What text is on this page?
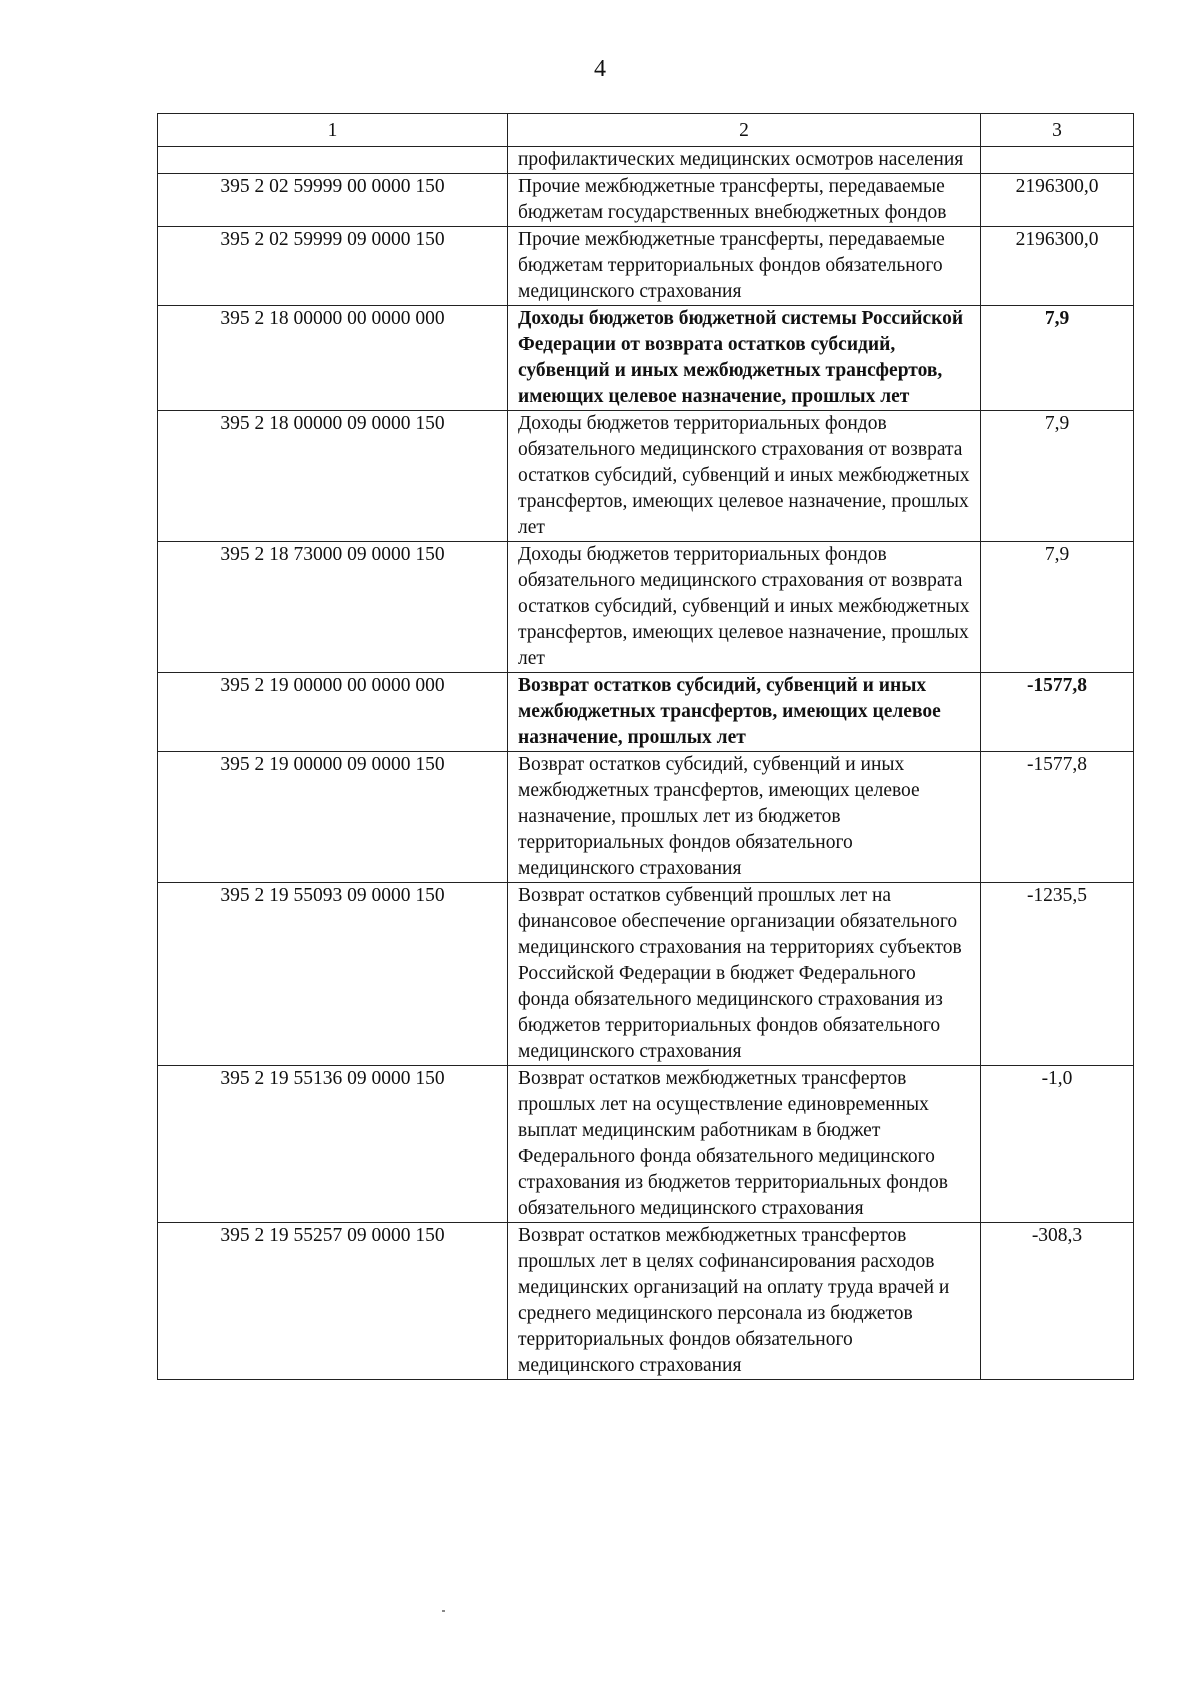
4
1	2	3
	профилактических медицинских осмотров населения	
395 2 02 59999 00 0000 150	Прочие межбюджетные трансферты, передаваемые бюджетам государственных внебюджетных фондов	2196300,0
395 2 02 59999 09 0000 150	Прочие межбюджетные трансферты, передаваемые бюджетам территориальных фондов обязательного медицинского страхования	2196300,0
395 2 18 00000 00 0000 000	Доходы бюджетов бюджетной системы Российской Федерации от возврата остатков субсидий, субвенций и иных межбюджетных трансфертов, имеющих целевое назначение, прошлых лет	7,9
395 2 18 00000 09 0000 150	Доходы бюджетов территориальных фондов обязательного медицинского страхования от возврата остатков субсидий, субвенций и иных межбюджетных трансфертов, имеющих целевое назначение, прошлых лет	7,9
395 2 18 73000 09 0000 150	Доходы бюджетов территориальных фондов обязательного медицинского страхования от возврата остатков субсидий, субвенций и иных межбюджетных трансфертов, имеющих целевое назначение, прошлых лет	7,9
395 2 19 00000 00 0000 000	Возврат остатков субсидий, субвенций и иных межбюджетных трансфертов, имеющих целевое назначение, прошлых лет	-1577,8
395 2 19 00000 09 0000 150	Возврат остатков субсидий, субвенций и иных межбюджетных трансфертов, имеющих целевое назначение, прошлых лет из бюджетов территориальных фондов обязательного медицинского страхования	-1577,8
395 2 19 55093 09 0000 150	Возврат остатков субвенций прошлых лет на финансовое обеспечение организации обязательного медицинского страхования на территориях субъектов Российской Федерации в бюджет Федерального фонда обязательного медицинского страхования из бюджетов территориальных фондов обязательного медицинского страхования	-1235,5
395 2 19 55136 09 0000 150	Возврат остатков межбюджетных трансфертов прошлых лет на осуществление единовременных выплат медицинским работникам в бюджет Федерального фонда обязательного медицинского страхования из бюджетов территориальных фондов обязательного медицинского страхования	-1,0
395 2 19 55257 09 0000 150	Возврат остатков межбюджетных трансфертов прошлых лет в целях софинансирования расходов медицинских организаций на оплату труда врачей и среднего медицинского персонала из бюджетов территориальных фондов обязательного медицинского страхования	-308,3
